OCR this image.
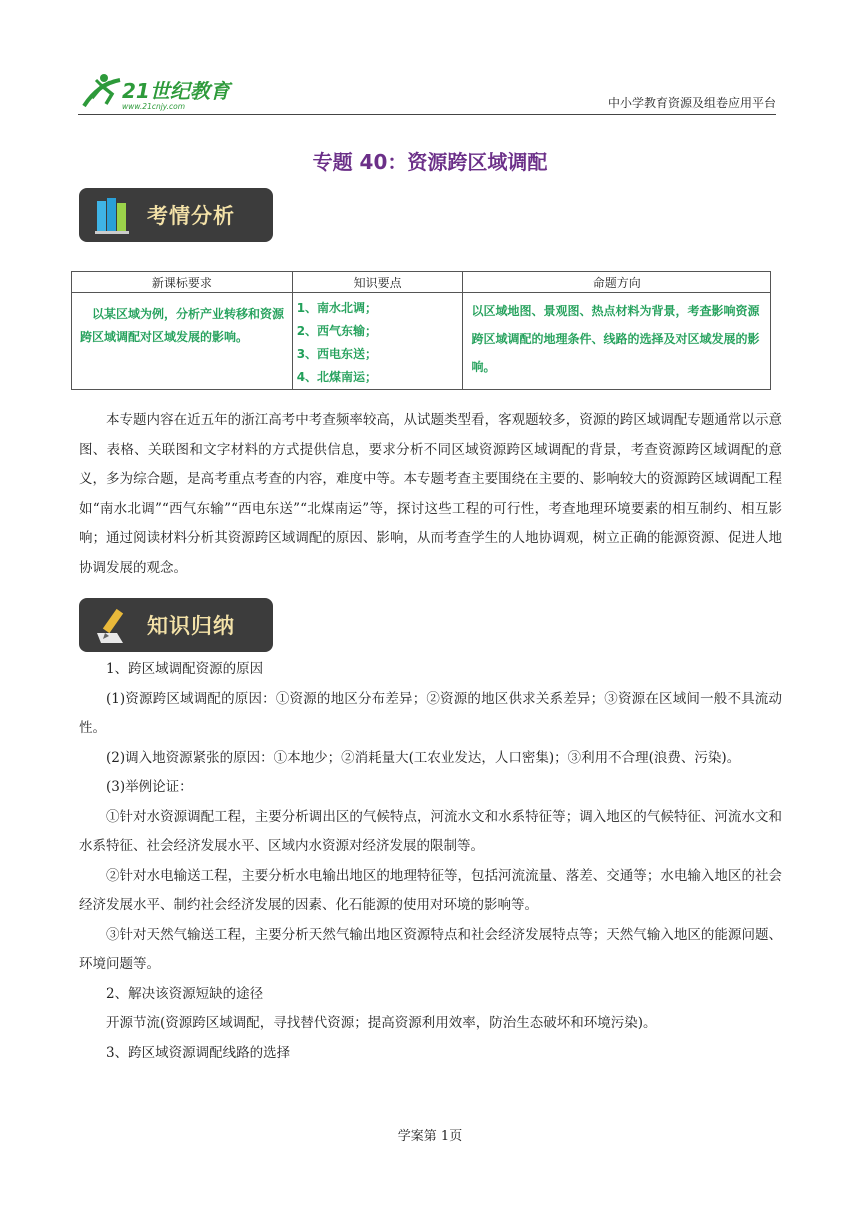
21世纪教育
www.21cnjy.com	中小学教育资源及组卷应用平台
专题 40：资源跨区域调配
考情分析
新课标要求	知识要点	命题方向
以某区域为例，分析产业转移和资源跨区域调配对区域发展的影响。	1、南水北调；
2、西气东输；
3、西电东送；
4、北煤南运；	以区域地图、景观图、热点材料为背景，考查影响资源跨区域调配的地理条件、线路的选择及对区域发展的影响。

本专题内容在近五年的浙江高考中考查频率较高，从试题类型看，客观题较多，资源的跨区域调配专题通常以示意图、表格、关联图和文字材料的方式提供信息，要求分析不同区域资源跨区域调配的背景，考查资源跨区域调配的意义，多为综合题，是高考重点考查的内容，难度中等。本专题考查主要围绕在主要的、影响较大的资源跨区域调配工程如“南水北调”“西气东输”“西电东送”“北煤南运”等，探讨这些工程的可行性，考查地理环境要素的相互制约、相互影响；通过阅读材料分析其资源跨区域调配的原因、影响，从而考查学生的人地协调观，树立正确的能源资源、促进人地协调发展的观念。

知识归纳

1、跨区域调配资源的原因

(1)资源跨区域调配的原因：①资源的地区分布差异；②资源的地区供求关系差异；③资源在区域间一般不具流动性。

(2)调入地资源紧张的原因：①本地少；②消耗量大(工农业发达，人口密集)；③利用不合理(浪费、污染)。

(3)举例论证：

①针对水资源调配工程，主要分析调出区的气候特点，河流水文和水系特征等；调入地区的气候特征、河流水文和水系特征、社会经济发展水平、区域内水资源对经济发展的限制等。

②针对水电输送工程，主要分析水电输出地区的地理特征等，包括河流流量、落差、交通等；水电输入地区的社会经济发展水平、制约社会经济发展的因素、化石能源的使用对环境的影响等。

③针对天然气输送工程，主要分析天然气输出地区资源特点和社会经济发展特点等；天然气输入地区的能源问题、环境问题等。

2、解决该资源短缺的途径

开源节流(资源跨区域调配，寻找替代资源；提高资源利用效率，防治生态破坏和环境污染)。

3、跨区域资源调配线路的选择

学案第 1页
